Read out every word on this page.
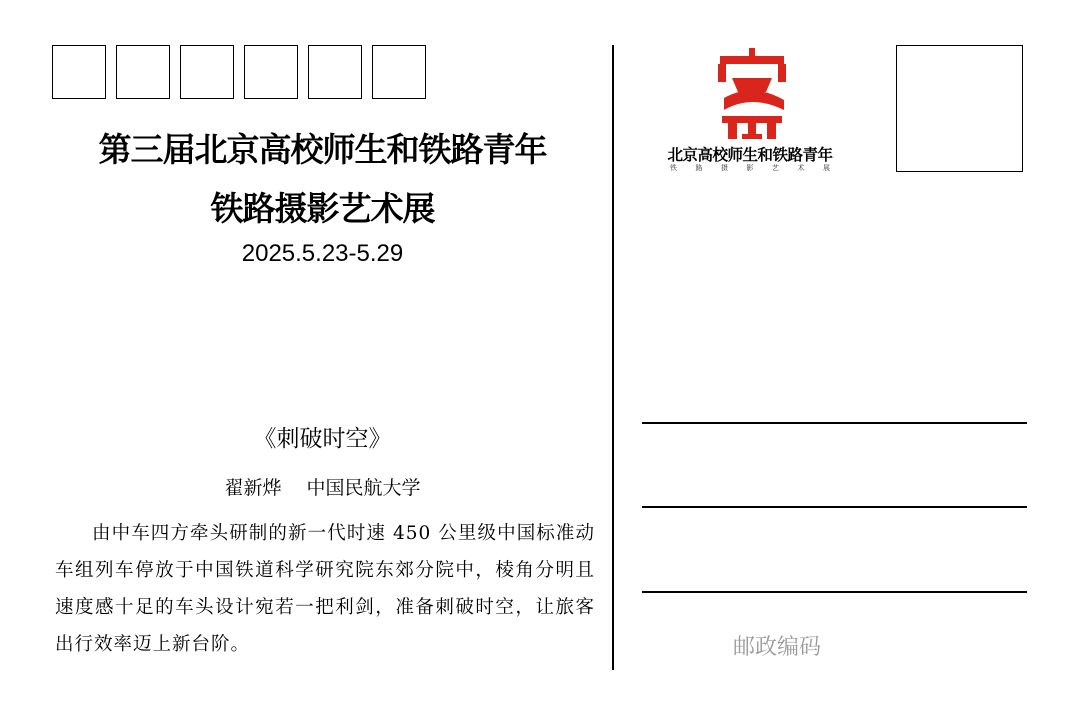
第三届北京高校师生和铁路青年
铁路摄影艺术展
2025.5.23-5.29
《刺破时空》
翟新烨　 中国民航大学
由中车四方牵头研制的新一代时速 450 公里级中国标准动车组列车停放于中国铁道科学研究院东郊分院中，棱角分明且速度感十足的车头设计宛若一把利剑，准备刺破时空，让旅客出行效率迈上新台阶。
北京高校师生和铁路青年
铁	路	摄	影	艺	术	展
邮政编码
